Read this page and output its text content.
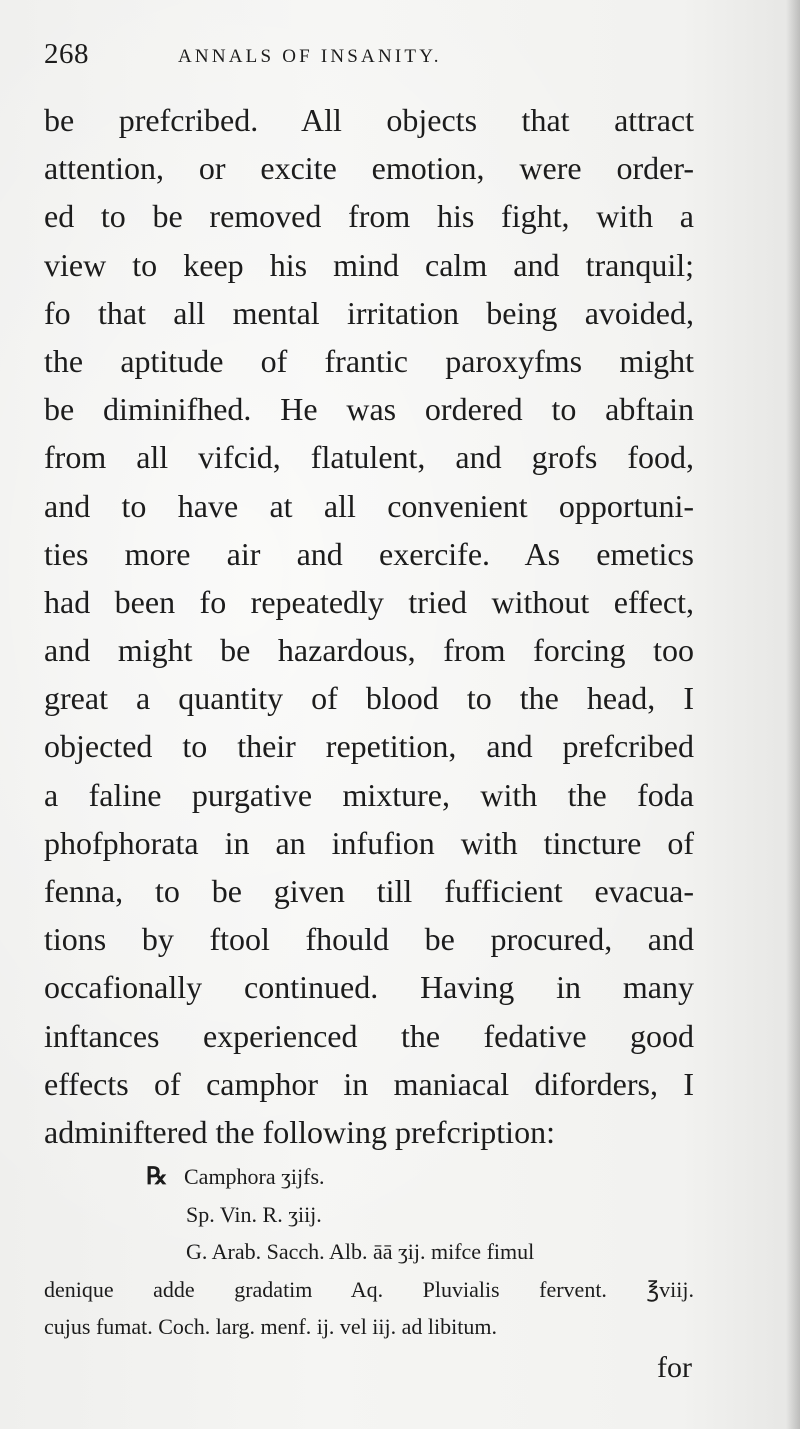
268	ANNALS OF INSANITY.
be prefcribed. All objects that attract
attention, or excite emotion, were order-
ed to be removed from his fight, with a
view to keep his mind calm and tranquil;
fo that all mental irritation being avoided,
the aptitude of frantic paroxyfms might
be diminifhed. He was ordered to abftain
from all vifcid, flatulent, and grofs food,
and to have at all convenient opportuni-
ties more air and exercife. As emetics
had been fo repeatedly tried without effect,
and might be hazardous, from forcing too
great a quantity of blood to the head, I
objected to their repetition, and prefcribed
a faline purgative mixture, with the foda
phofphorata in an infufion with tincture of
fenna, to be given till fufficient evacua-
tions by ftool fhould be procured, and
occafionally continued. Having in many
inftances experienced the fedative good
effects of camphor in maniacal diforders, I
adminiftered the following prefcription:
℞ Camphora ʒijfs.
Sp. Vin. R. ʒiij.
G. Arab. Sacch. Alb. āā ʒij. mifce fimul
denique adde gradatim Aq. Pluvialis fervent. ℥viij.
cujus fumat. Coch. larg. menf. ij. vel iij. ad libitum.
for
